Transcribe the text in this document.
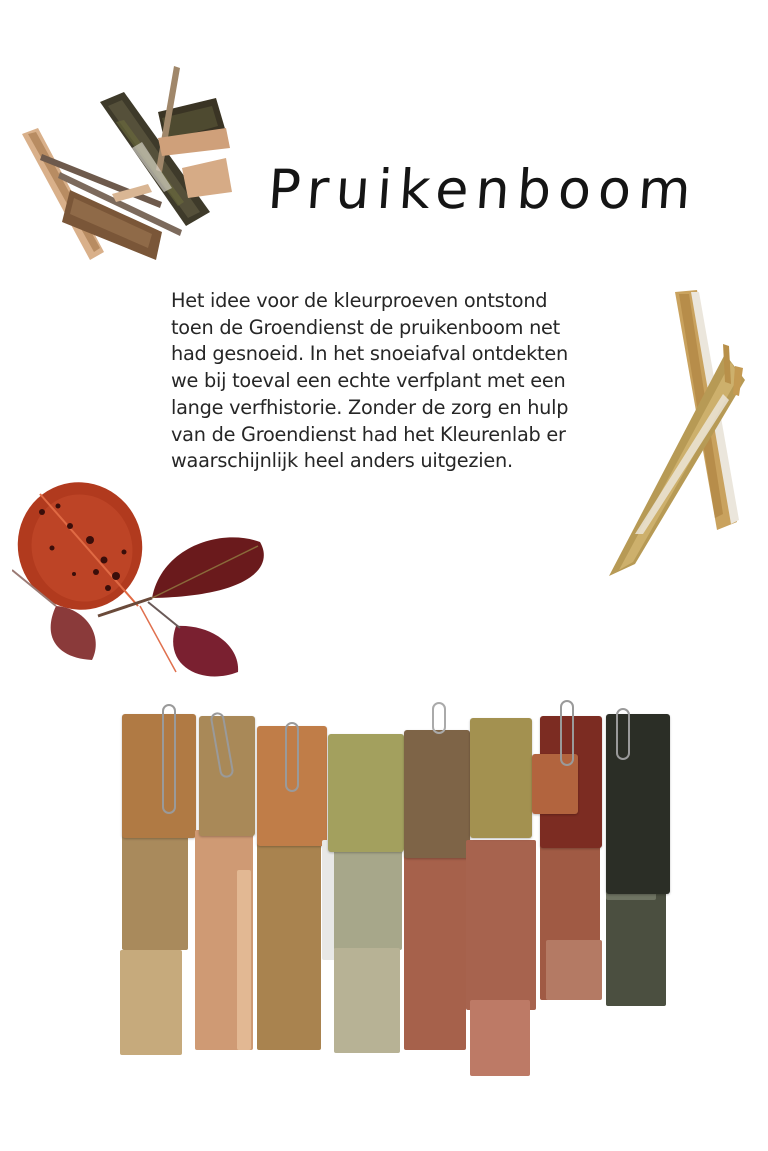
Pruikenboom
Het idee voor de kleurproeven ontstond
toen de Groendienst de pruikenboom net
had gesnoeid. In het snoeiafval ontdekten
we bij toeval een echte verfplant met een
lange verfhistorie. Zonder de zorg en hulp
van de Groendienst had het Kleurenlab er
waarschijnlijk heel anders uitgezien.
